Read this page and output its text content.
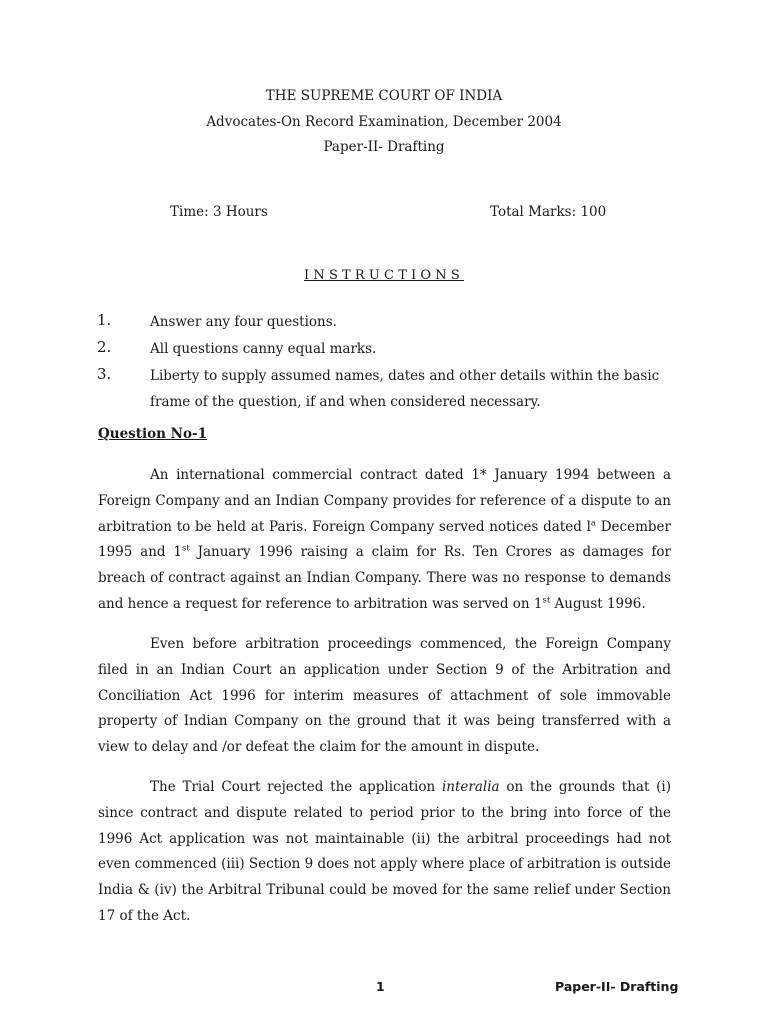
THE SUPREME COURT OF INDIA
Advocates-On Record Examination, December 2004
Paper-II- Drafting
Time: 3 Hours	Total Marks: 100
INSTRUCTIONS
1.	Answer any four questions.
2.	All questions canny equal marks.
3.	Liberty to supply assumed names, dates and other details within the basic frame of the question, if and when considered necessary.
Question No-1

An international commercial contract dated 1* January 1994 between a Foreign Company and an Indian Company provides for reference of a dispute to an arbitration to be held at Paris. Foreign Company served notices dated $l^a$ December 1995 and 1st January 1996 raising a claim for Rs. Ten Crores as damages for breach of contract against an Indian Company. There was no response to demands and hence a request for reference to arbitration was served on 1st August 1996.

Even before arbitration proceedings commenced, the Foreign Company filed in an Indian Court an application under Section 9 of the Arbitration and Conciliation Act 1996 for interim measures of attachment of sole immovable property of Indian Company on the ground that it was being transferred with a view to delay and /or defeat the claim for the amount in dispute.

The Trial Court rejected the application interalia on the grounds that (i) since contract and dispute related to period prior to the bring into force of the 1996 Act application was not maintainable (ii) the arbitral proceedings had not even commenced (iii) Section 9 does not apply where place of arbitration is outside India & (iv) the Arbitral Tribunal could be moved for the same relief under Section 17 of the Act.

1	Paper-II- Drafting
